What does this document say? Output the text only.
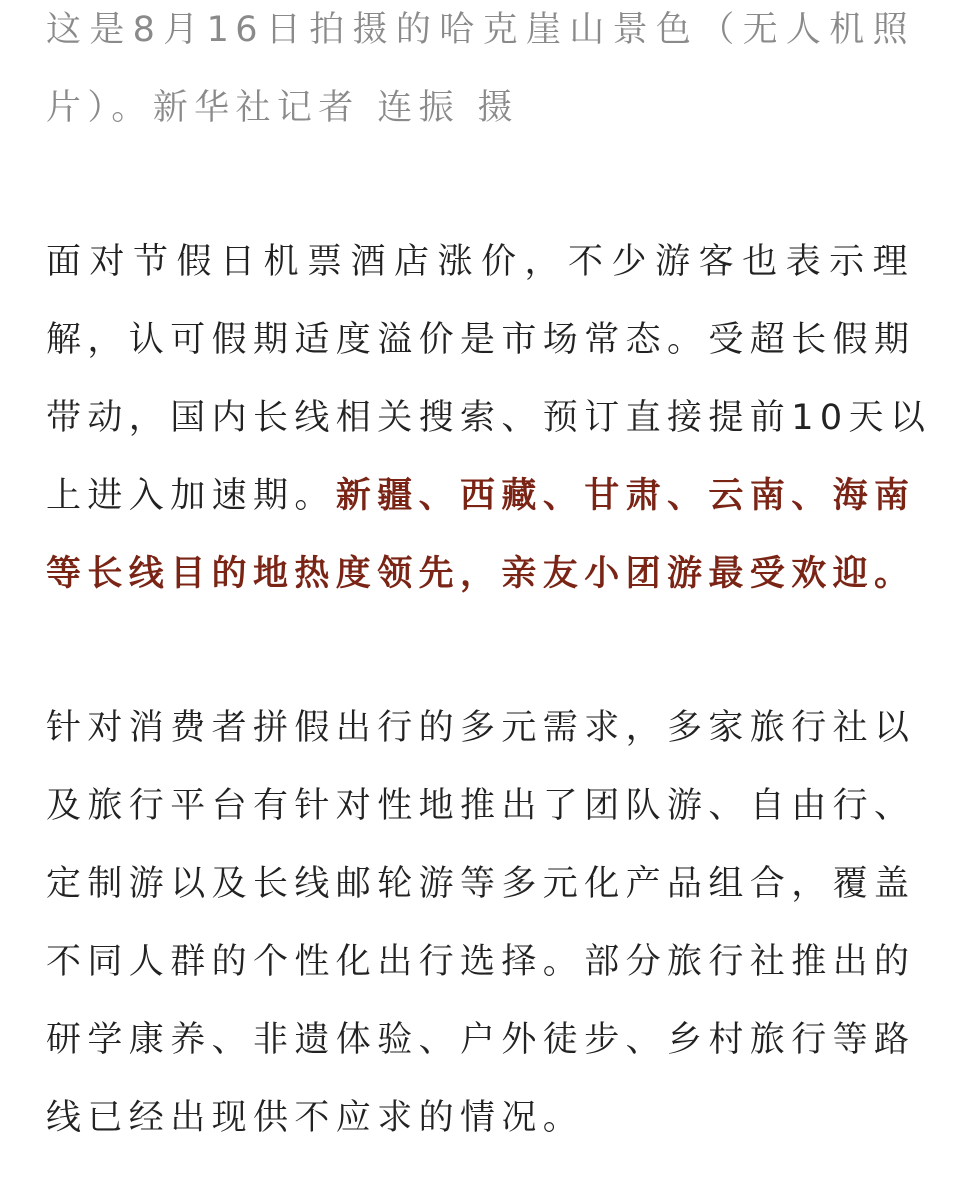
这是8月16日拍摄的哈克崖山景色（无人机照
片）。新华社记者 连振 摄
面对节假日机票酒店涨价，不少游客也表示理
解，认可假期适度溢价是市场常态。受超长假期
带动，国内长线相关搜索、预订直接提前10天以
上进入加速期。新疆、西藏、甘肃、云南、海南
等长线目的地热度领先，亲友小团游最受欢迎。
针对消费者拼假出行的多元需求，多家旅行社以
及旅行平台有针对性地推出了团队游、自由行、
定制游以及长线邮轮游等多元化产品组合，覆盖
不同人群的个性化出行选择。部分旅行社推出的
研学康养、非遗体验、户外徒步、乡村旅行等路
线已经出现供不应求的情况。
